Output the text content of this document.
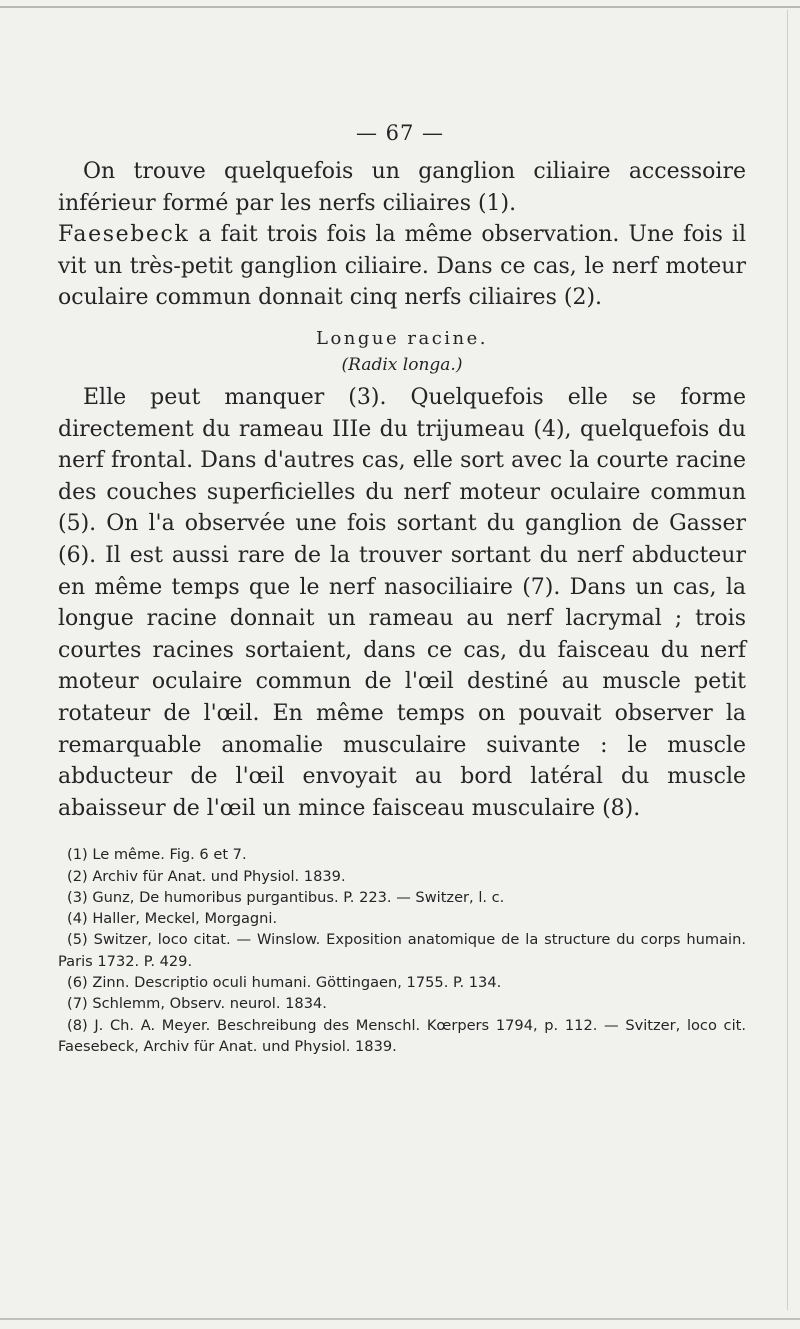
— 67 —

On trouve quelquefois un ganglion ciliaire accessoire inférieur formé par les nerfs ciliaires (1).
Faesebeck a fait trois fois la même observation. Une fois il vit un très-petit ganglion ciliaire. Dans ce cas, le nerf moteur oculaire commun donnait cinq nerfs ciliaires (2).

Longue racine.
(Radix longa.)

Elle peut manquer (3). Quelquefois elle se forme directement du rameau IIIe du trijumeau (4), quelquefois du nerf frontal. Dans d'autres cas, elle sort avec la courte racine des couches superficielles du nerf moteur oculaire commun (5). On l'a observée une fois sortant du ganglion de Gasser (6). Il est aussi rare de la trouver sortant du nerf abducteur en même temps que le nerf nasociliaire (7). Dans un cas, la longue racine donnait un rameau au nerf lacrymal ; trois courtes racines sortaient, dans ce cas, du faisceau du nerf moteur oculaire commun de l'œil destiné au muscle petit rotateur de l'œil. En même temps on pouvait observer la remarquable anomalie musculaire suivante : le muscle abducteur de l'œil envoyait au bord latéral du muscle abaisseur de l'œil un mince faisceau musculaire (8).

(1) Le même. Fig. 6 et 7.

(2) Archiv für Anat. und Physiol. 1839.

(3) Gunz, De humoribus purgantibus. P. 223. — Switzer, l. c.

(4) Haller, Meckel, Morgagni.

(5) Switzer, loco citat. — Winslow. Exposition anatomique de la structure du corps humain. Paris 1732. P. 429.

(6) Zinn. Descriptio oculi humani. Göttingaen, 1755. P. 134.

(7) Schlemm, Observ. neurol. 1834.

(8) J. Ch. A. Meyer. Beschreibung des Menschl. Kœrpers 1794, p. 112. — Svitzer, loco cit. Faesebeck, Archiv für Anat. und Physiol. 1839.
